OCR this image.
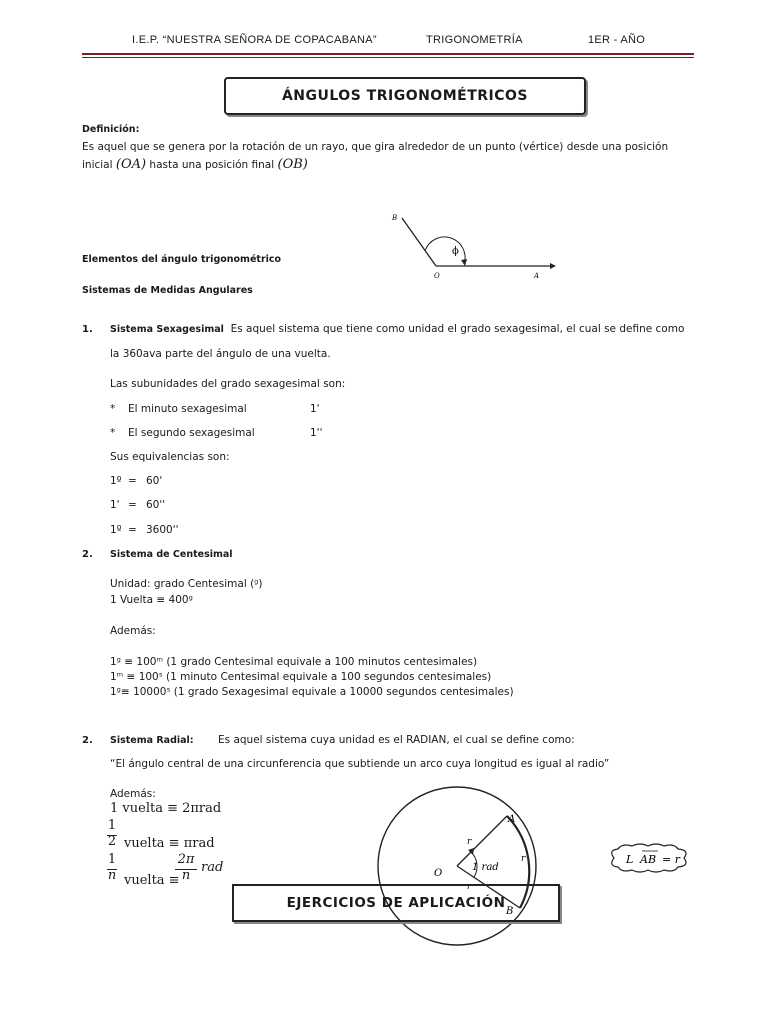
I.E.P. “NUESTRA SEÑORA DE COPACABANA”	TRIGONOMETRÍA	1ER - AÑO
ÁNGULOS TRIGONOMÉTRICOS
Definición:
Es aquel que se genera por la rotación de un rayo, que gira alrededor de un punto (vértice) desde una posición
inicial (OA) hasta una posición final (OB)
B
O	A
ϕ
Elementos del ángulo trigonométrico
Sistemas de Medidas Angulares
1. Sistema Sexagesimal Es aquel sistema que tiene como unidad el grado sexagesimal, el cual se define como
la 360ava parte del ángulo de una vuelta.
Las subunidades del grado sexagesimal son:
* El minuto sexagesimal	1'
* El segundo sexagesimal	1''
Sus equivalencias son:
1º = 60'
1' = 60''
1º = 3600''
2. Sistema de Centesimal
Unidad: grado Centesimal (ᵍ)
1 Vuelta ≡ 400ᵍ
Además:
1ᵍ ≡ 100ᵐ (1 grado Centesimal equivale a 100 minutos centesimales)
1ᵐ ≡ 100ˢ (1 minuto Centesimal equivale a 100 segundos centesimales)
1ᵍ≡ 10000ˢ (1 grado Sexagesimal equivale a 10000 segundos centesimales)
2. Sistema Radial: Es aquel sistema cuya unidad es el RADIAN, el cual se define como:
“El ángulo central de una circunferencia que subtiende un arco cuya longitud es igual al radio”
Además:
1 vuelta ≡ 2πrad
1
2 vuelta ≡ πrad
1
n vuelta ≡
2π
n
rad
A
O
r
r
r
1 rad
B
L AB = r
EJERCICIOS DE APLICACIÓN
